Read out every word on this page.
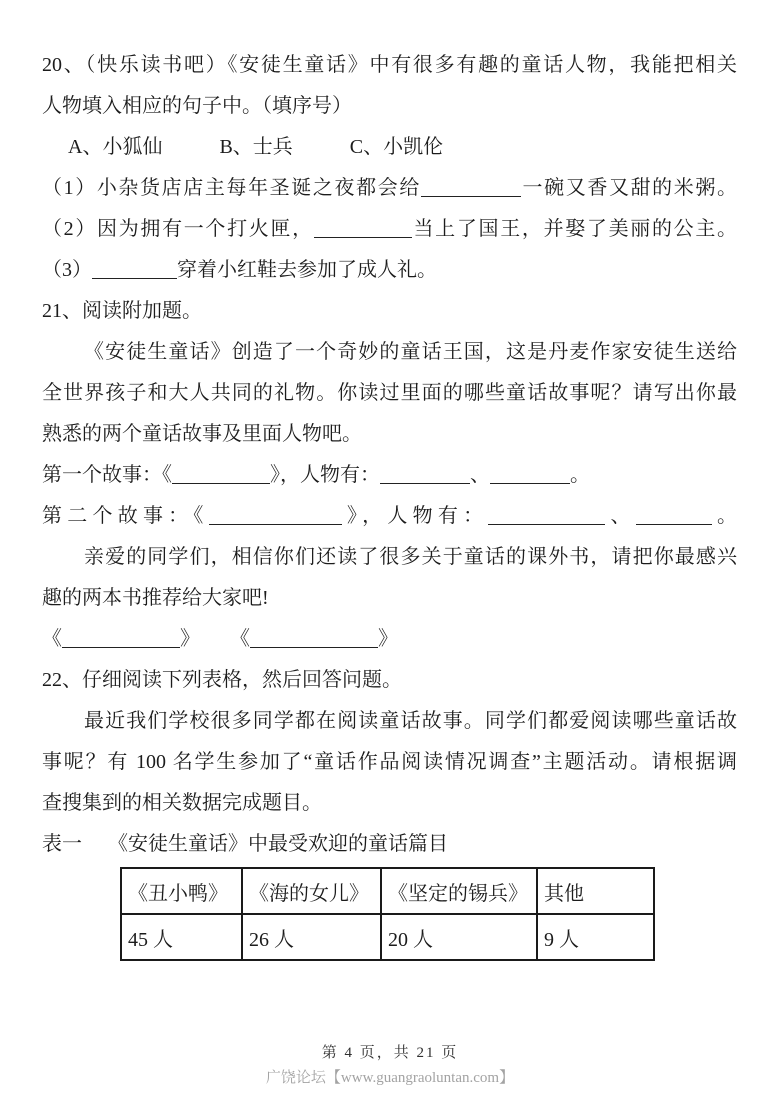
20、（快乐读书吧）《安徒生童话》中有很多有趣的童话人物，我能把相关
人物填入相应的句子中。（填序号）
A、小狐仙	B、士兵	C、小凯伦
（1）小杂货店店主每年圣诞之夜都会给	一碗又香又甜的米粥。
（2）因为拥有一个打火匣，	当上了国王，并娶了美丽的公主。
（3）	穿着小红鞋去参加了成人礼。
21、阅读附加题。
《安徒生童话》创造了一个奇妙的童话王国，这是丹麦作家安徒生送给
全世界孩子和大人共同的礼物。你读过里面的哪些童话故事呢？请写出你最
熟悉的两个童话故事及里面人物吧。
第一个故事：《	》，人物有：	、	。
第二个故事：《	》，人物有：	、	。
亲爱的同学们，相信你们还读了很多关于童话的课外书，请把你最感兴
趣的两本书推荐给大家吧!
《	》 《	》
22、仔细阅读下列表格，然后回答问题。
最近我们学校很多同学都在阅读童话故事。同学们都爱阅读哪些童话故
事呢？有 100 名学生参加了“童话作品阅读情况调查”主题活动。请根据调
查搜集到的相关数据完成题目。
表一 《安徒生童话》中最受欢迎的童话篇目
《丑小鸭》	《海的女儿》	《坚定的锡兵》	其他
45 人	26 人	20 人	9 人
第 4 页，共 21 页
广饶论坛【www.guangraoluntan.com】
